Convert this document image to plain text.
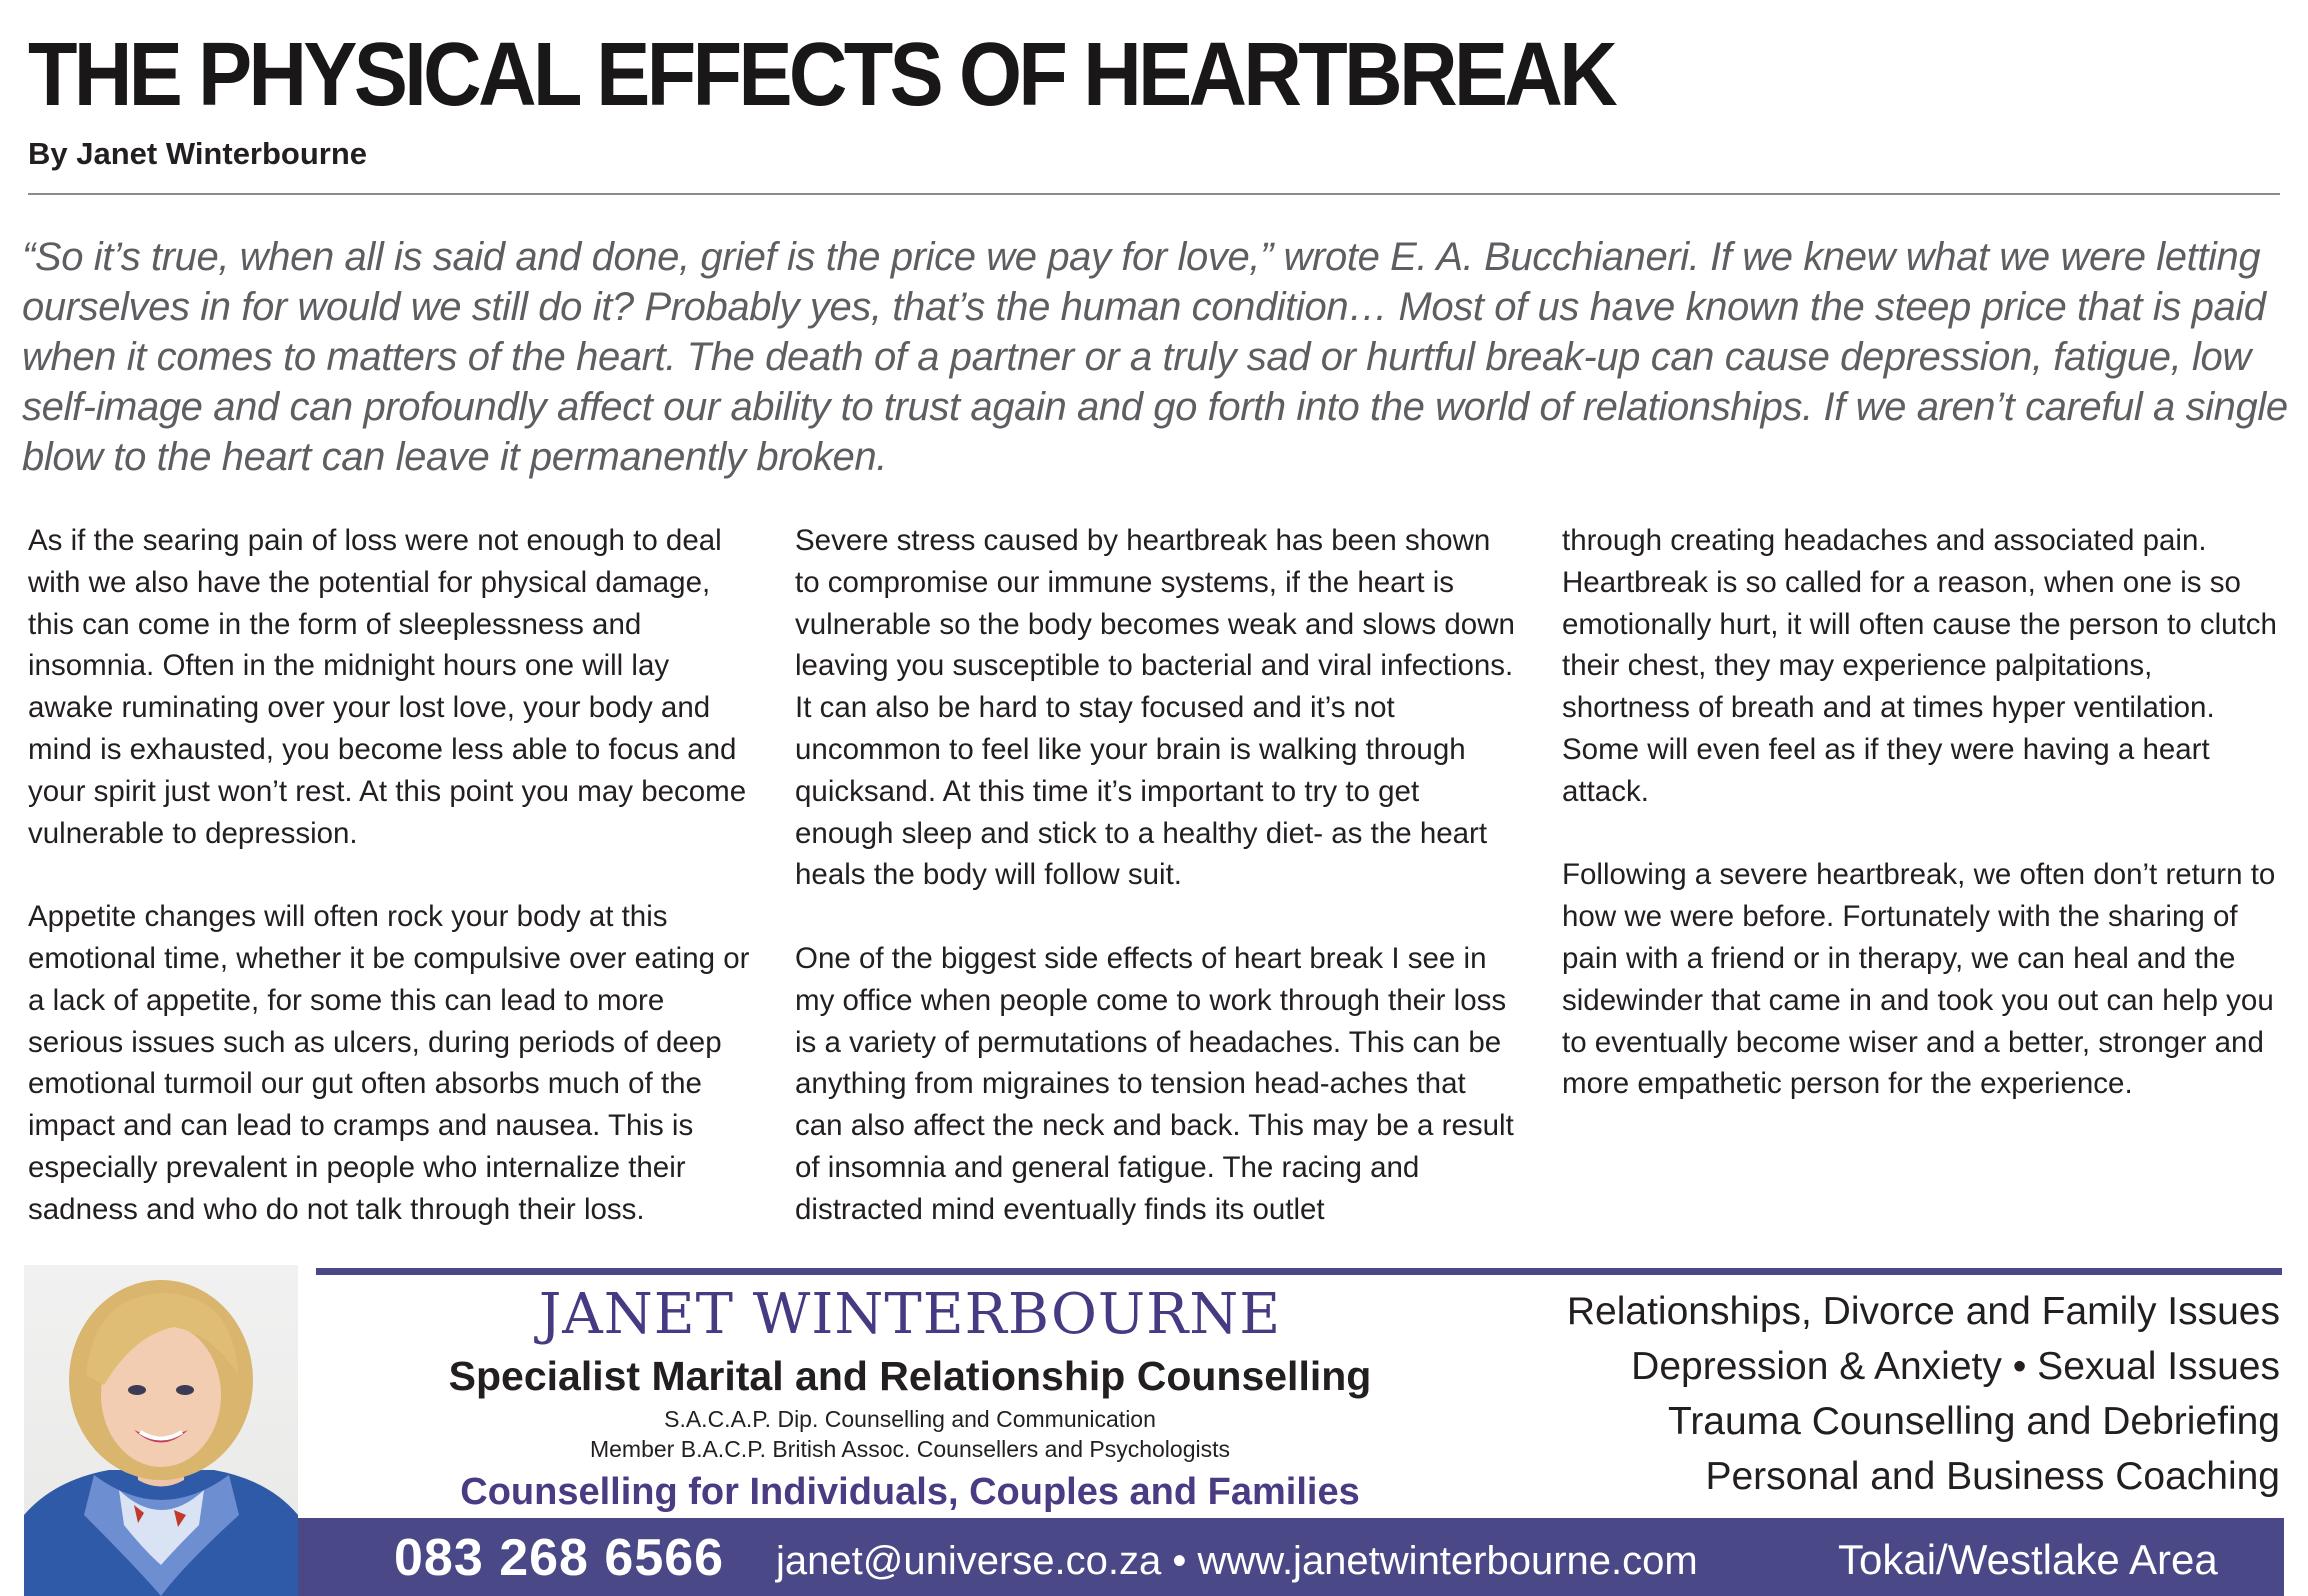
THE PHYSICAL EFFECTS OF HEARTBREAK
By Janet Winterbourne

“So it’s true, when all is said and done, grief is the price we pay for love,” wrote E. A. Bucchianeri. If we knew what we were letting ourselves in for would we still do it? Probably yes, that’s the human condition… Most of us have known the steep price that is paid when it comes to matters of the heart. The death of a partner or a truly sad or hurtful break-up can cause depression, fatigue, low self-image and can profoundly affect our ability to trust again and go forth into the world of relationships. If we aren’t careful a single blow to the heart can leave it permanently broken.

As if the searing pain of loss were not enough to deal with we also have the potential for physical damage, this can come in the form of sleeplessness and insomnia. Often in the midnight hours one will lay awake ruminating over your lost love, your body and mind is exhausted, you become less able to focus and your spirit just won’t rest. At this point you may become vulnerable to depression.

Appetite changes will often rock your body at this emotional time, whether it be compulsive over eating or a lack of appetite, for some this can lead to more serious issues such as ulcers, during periods of deep emotional turmoil our gut often absorbs much of the impact and can lead to cramps and nausea. This is especially prevalent in people who internalize their sadness and who do not talk through their loss.

Severe stress caused by heartbreak has been shown to compromise our immune systems, if the heart is vulnerable so the body becomes weak and slows down leaving you susceptible to bacterial and viral infections. It can also be hard to stay focused and it’s not uncommon to feel like your brain is walking through quicksand. At this time it’s important to try to get enough sleep and stick to a healthy diet- as the heart heals the body will follow suit.

One of the biggest side effects of heart break I see in my office when people come to work through their loss is a variety of permutations of headaches. This can be anything from migraines to tension head-aches that can also affect the neck and back. This may be a result of insomnia and general fatigue. The racing and distracted mind eventually finds its outlet

through creating headaches and associated pain. Heartbreak is so called for a reason, when one is so emotionally hurt, it will often cause the person to clutch their chest, they may experience palpitations, shortness of breath and at times hyper ventilation. Some will even feel as if they were having a heart attack.

Following a severe heartbreak, we often don’t return to how we were before. Fortunately with the sharing of pain with a friend or in therapy, we can heal and the sidewinder that came in and took you out can help you to eventually become wiser and a better, stronger and more empathetic person for the experience.

JANET WINTERBOURNE
Specialist Marital and Relationship Counselling
S.A.C.A.P. Dip. Counselling and Communication
Member B.A.C.P. British Assoc. Counsellers and Psychologists
Counselling for Individuals, Couples and Families
Relationships, Divorce and Family Issues
Depression & Anxiety • Sexual Issues
Trauma Counselling and Debriefing
Personal and Business Coaching
083 268 6566 janet@universe.co.za • www.janetwinterbourne.com	Tokai/Westlake Area
